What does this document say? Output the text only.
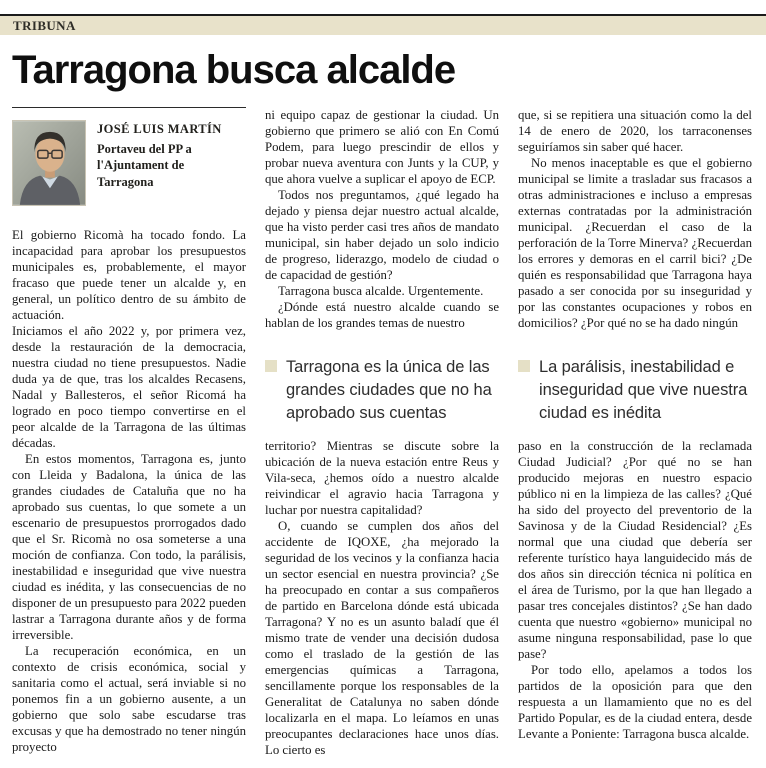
TRIBUNA
Tarragona busca alcalde
JOSÉ LUIS MARTÍN
Portaveu del PP a l'Ajuntament de Tarragona

El gobierno Ricomà ha tocado fondo. La incapacidad para aprobar los presupuestos municipales es, probablemente, el mayor fracaso que puede tener un alcalde y, en general, un político dentro de su ámbito de actuación.

Iniciamos el año 2022 y, por primera vez, desde la restauración de la democracia, nuestra ciudad no tiene presupuestos. Nadie duda ya de que, tras los alcaldes Recasens, Nadal y Ballesteros, el señor Ricomá ha logrado en poco tiempo convertirse en el peor alcalde de la Tarragona de las últimas décadas.

En estos momentos, Tarragona es, junto con Lleida y Badalona, la única de las grandes ciudades de Cataluña que no ha aprobado sus cuentas, lo que somete a un escenario de presupuestos prorrogados dado que el Sr. Ricomà no osa someterse a una moción de confianza. Con todo, la parálisis, inestabilidad e inseguridad que vive nuestra ciudad es inédita, y las consecuencias de no disponer de un presupuesto para 2022 pueden lastrar a Tarragona durante años y de forma irreversible.

La recuperación económica, en un contexto de crisis económica, social y sanitaria como el actual, será inviable si no ponemos fin a un gobierno ausente, a un gobierno que solo sabe escudarse tras excusas y que ha demostrado no tener ningún proyecto

ni equipo capaz de gestionar la ciudad. Un gobierno que primero se alió con En Comú Podem, para luego prescindir de ellos y probar nueva aventura con Junts y la CUP, y que ahora vuelve a suplicar el apoyo de ECP.

Todos nos preguntamos, ¿qué legado ha dejado y piensa dejar nuestro actual alcalde, que ha visto perder casi tres años de mandato municipal, sin haber dejado un solo indicio de progreso, liderazgo, modelo de ciudad o de capacidad de gestión?

Tarragona busca alcalde. Urgentemente.

¿Dónde está nuestro alcalde cuando se hablan de los grandes temas de nuestro

Tarragona es la única de las grandes ciudades que no ha aprobado sus cuentas

territorio? Mientras se discute sobre la ubicación de la nueva estación entre Reus y Vila-seca, ¿hemos oído a nuestro alcalde reivindicar el agravio hacia Tarragona y luchar por nuestra capitalidad?

O, cuando se cumplen dos años del accidente de IQOXE, ¿ha mejorado la seguridad de los vecinos y la confianza hacia un sector esencial en nuestra provincia? ¿Se ha preocupado en contar a sus compañeros de partido en Barcelona dónde está ubicada Tarragona? Y no es un asunto baladí que él mismo trate de vender una decisión dudosa como el traslado de la gestión de las emergencias químicas a Tarragona, sencillamente porque los responsables de la Generalitat de Catalunya no saben dónde localizarla en el mapa. Lo leíamos en unas preocupantes declaraciones hace unos días. Lo cierto es

que, si se repitiera una situación como la del 14 de enero de 2020, los tarraconenses seguiríamos sin saber qué hacer.

No menos inaceptable es que el gobierno municipal se limite a trasladar sus fracasos a otras administraciones e incluso a empresas externas contratadas por la administración municipal. ¿Recuerdan el caso de la perforación de la Torre Minerva? ¿Recuerdan los errores y demoras en el carril bici? ¿De quién es responsabilidad que Tarragona haya pasado a ser conocida por su inseguridad y por las constantes ocupaciones y robos en domicilios? ¿Por qué no se ha dado ningún

La parálisis, inestabilidad e inseguridad que vive nuestra ciudad es inédita

paso en la construcción de la reclamada Ciudad Judicial? ¿Por qué no se han producido mejoras en nuestro espacio público ni en la limpieza de las calles? ¿Qué ha sido del proyecto del preventorio de la Savinosa y de la Ciudad Residencial? ¿Es normal que una ciudad que debería ser referente turístico haya languidecido más de dos años sin dirección técnica ni política en el área de Turismo, por la que han llegado a pasar tres concejales distintos? ¿Se han dado cuenta que nuestro «gobierno» municipal no asume ninguna responsabilidad, pase lo que pase?

Por todo ello, apelamos a todos los partidos de la oposición para que den respuesta a un llamamiento que no es del Partido Popular, es de la ciudad entera, desde Levante a Poniente: Tarragona busca alcalde.
